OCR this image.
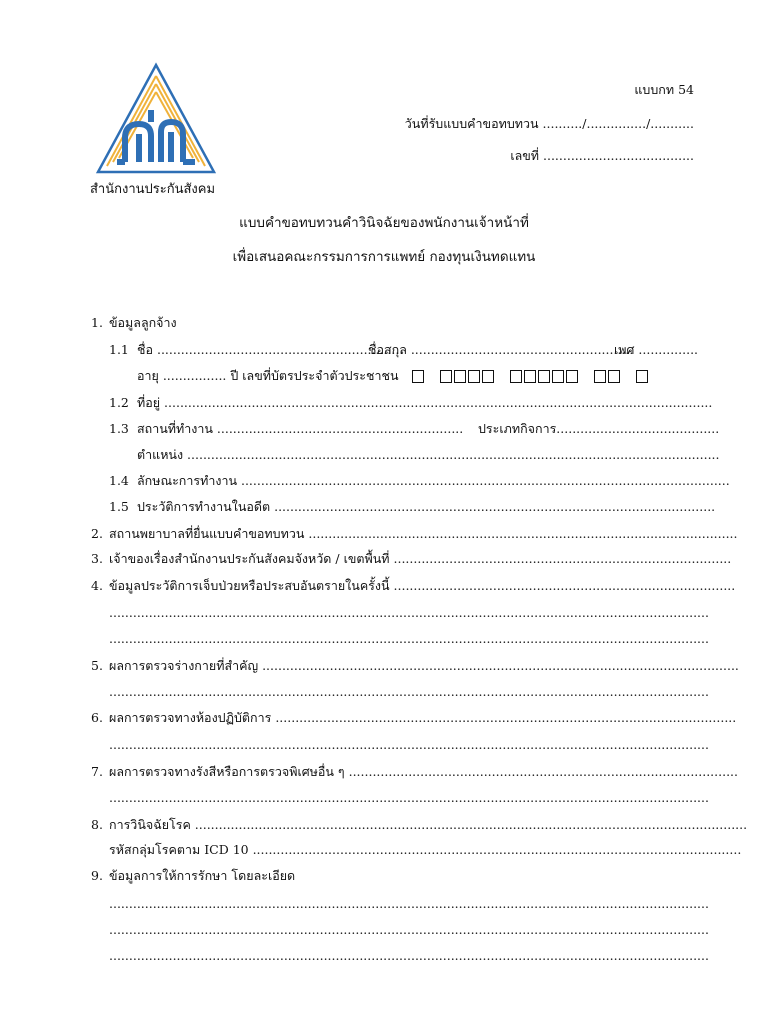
สำนักงานประกันสังคม
แบบกท 54
วันที่รับแบบคำขอทบทวน ........../.............../...........
เลขที่ ......................................
แบบคำขอทบทวนคำวินิจฉัยของพนักงานเจ้าหน้าที่
เพื่อเสนอคณะกรรมการการแพทย์ กองทุนเงินทดแทน
1. ข้อมูลลูกจ้าง
1.1 ชื่อ ..............................................................
ชื่อสกุล ........................................................
เพศ ...............
อายุ ................ ปี เลขที่บัตรประจำตัวประชาชน
1.2 ที่อยู่ ..........................................................................................................................................
1.3 สถานที่ทำงาน .............................................................. ประเภทกิจการ.........................................
ตำแหน่ง ......................................................................................................................................
1.4 ลักษณะการทำงาน ...........................................................................................................................
1.5 ประวัติการทำงานในอดีต ...............................................................................................................
2. สถานพยาบาลที่ยื่นแบบคำขอทบทวน ............................................................................................................
3. เจ้าของเรื่องสำนักงานประกันสังคมจังหวัด / เขตพื้นที่ .....................................................................................
4. ข้อมูลประวัติการเจ็บป่วยหรือประสบอันตรายในครั้งนี้ ......................................................................................
.......................................................................................................................................................
.......................................................................................................................................................
5. ผลการตรวจร่างกายที่สำคัญ ........................................................................................................................
.......................................................................................................................................................
6. ผลการตรวจทางห้องปฏิบัติการ ....................................................................................................................
.......................................................................................................................................................
7. ผลการตรวจทางรังสีหรือการตรวจพิเศษอื่น ๆ ..................................................................................................
.......................................................................................................................................................
8. การวินิจฉัยโรค ...........................................................................................................................................
รหัสกลุ่มโรคตาม ICD 10 ...........................................................................................................................
9. ข้อมูลการให้การรักษา โดยละเอียด
.......................................................................................................................................................
.......................................................................................................................................................
.......................................................................................................................................................
